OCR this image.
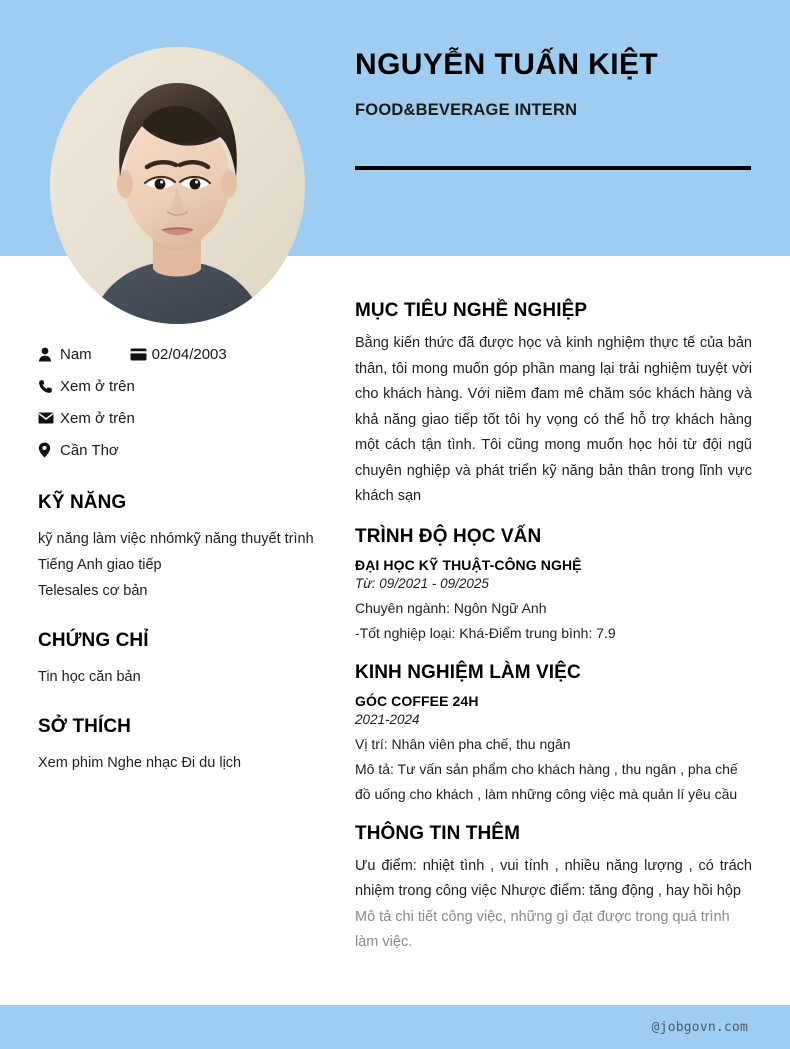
NGUYỄN TUẤN KIỆT
FOOD&BEVERAGE INTERN
Nam	02/04/2003
Xem ở trên
Xem ở trên
Cần Thơ
KỸ NĂNG
kỹ năng làm việc nhómkỹ năng thuyết trình
Tiếng Anh giao tiếp
Telesales cơ bản
CHỨNG CHỈ
Tin học căn bản
SỞ THÍCH
Xem phim Nghe nhạc Đi du lịch
MỤC TIÊU NGHỀ NGHIỆP

Bằng kiến thức đã được học và kinh nghiệm thực tế của bản thân, tôi mong muốn góp phần mang lại trải nghiệm tuyệt vời cho khách hàng. Với niềm đam mê chăm sóc khách hàng và khả năng giao tiếp tốt tôi hy vọng có thể hỗ trợ khách hàng một cách tận tình. Tôi cũng mong muốn học hỏi từ đội ngũ chuyên nghiệp và phát triển kỹ năng bản thân trong lĩnh vực khách sạn

TRÌNH ĐỘ HỌC VẤN
ĐẠI HỌC KỸ THUẬT-CÔNG NGHỆ
Từ: 09/2021 - 09/2025

Chuyên ngành: Ngôn Ngữ Anh

-Tốt nghiệp loại: Khá-Điểm trung bình: 7.9

KINH NGHIỆM LÀM VIỆC
GÓC COFFEE 24H
2021-2024

Vị trí: Nhân viên pha chế, thu ngân

Mô tả: Tư vấn sản phẩm cho khách hàng , thu ngân , pha chế đồ uống cho khách , làm những công việc mà quản lí yêu cầu

THÔNG TIN THÊM

Ưu điểm: nhiệt tình , vui tính , nhiều năng lượng , có trách nhiệm trong công việc Nhược điểm: tăng động , hay hồi hộp

Mô tả chi tiết công việc, những gì đạt được trong quá trình làm việc.

@jobgovn.com
